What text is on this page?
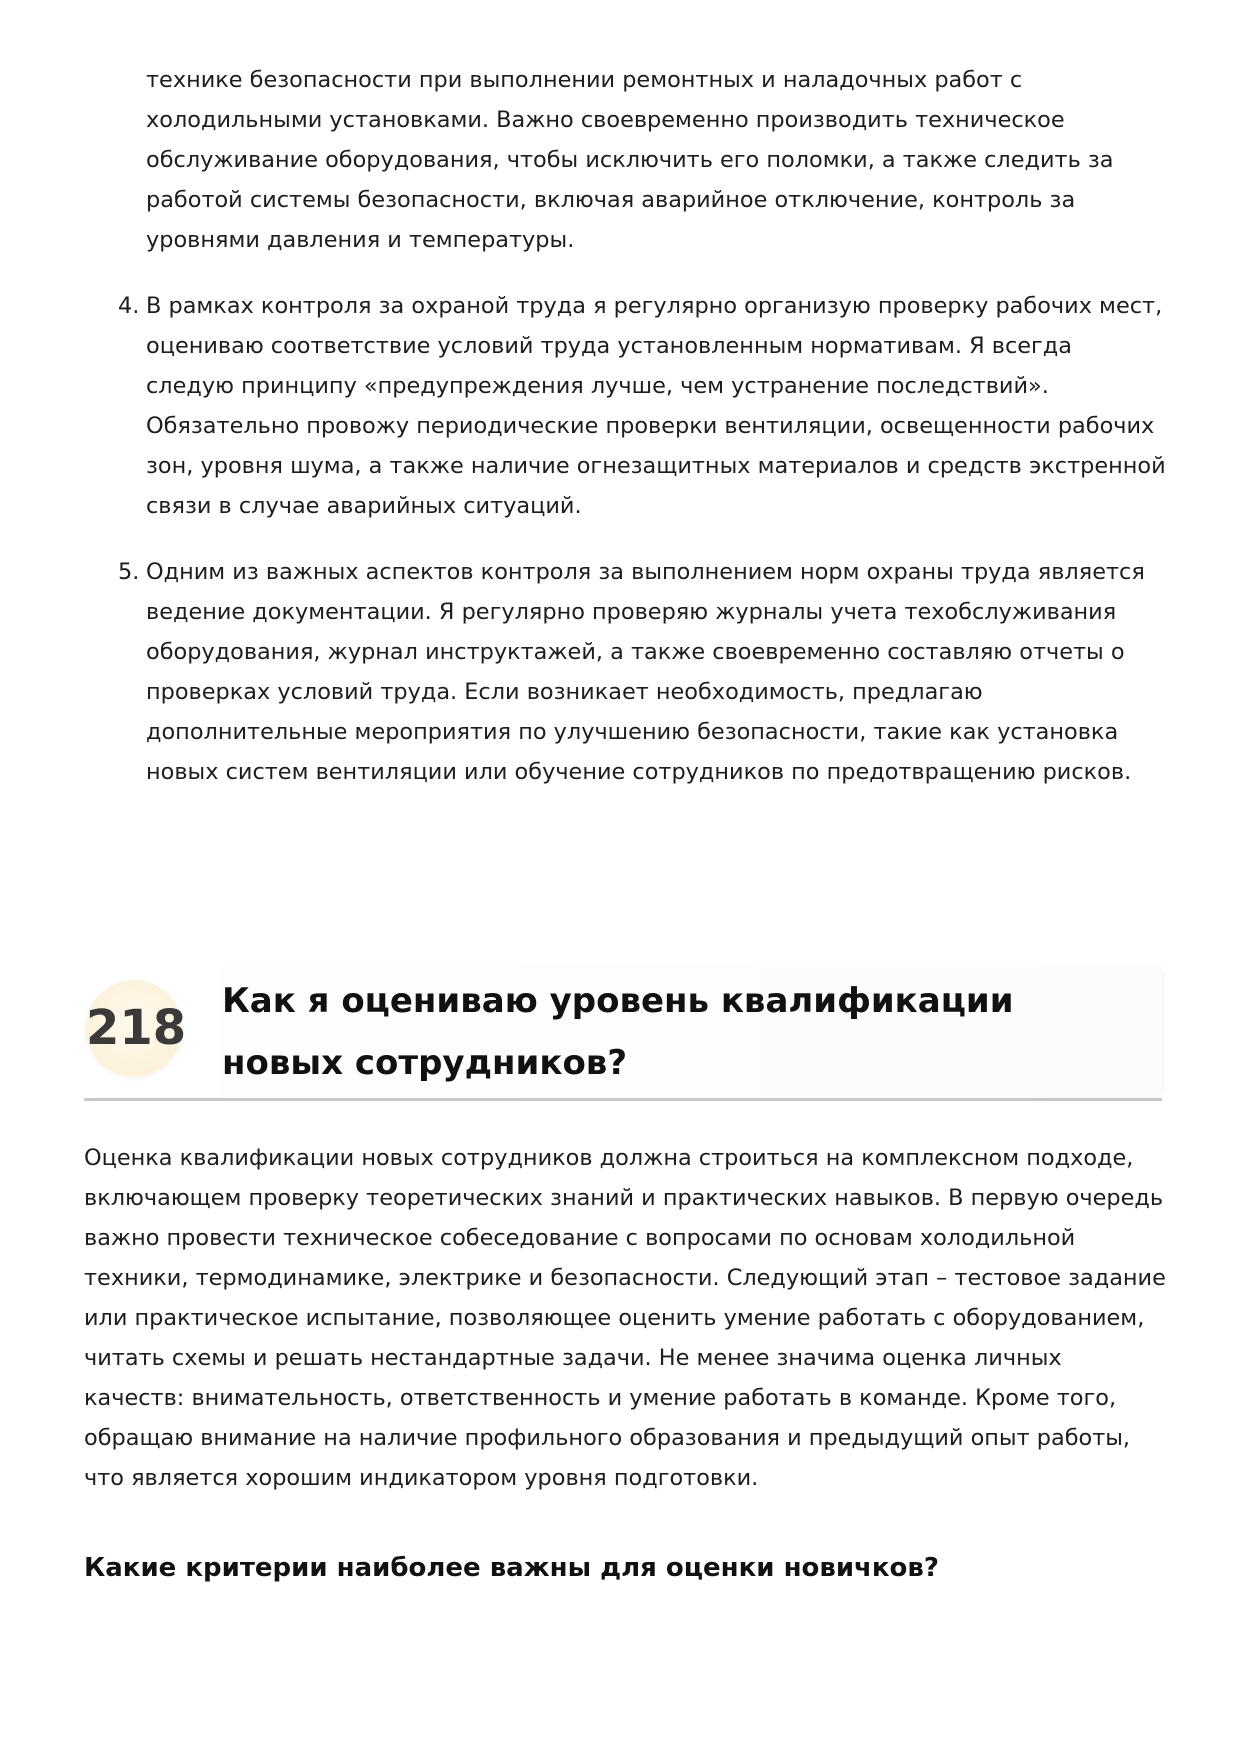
технике безопасности при выполнении ремонтных и наладочных работ с холодильными установками. Важно своевременно производить техническое обслуживание оборудования, чтобы исключить его поломки, а также следить за работой системы безопасности, включая аварийное отключение, контроль за уровнями давления и температуры.
4. В рамках контроля за охраной труда я регулярно организую проверку рабочих мест, оцениваю соответствие условий труда установленным нормативам. Я всегда следую принципу «предупреждения лучше, чем устранение последствий». Обязательно провожу периодические проверки вентиляции, освещенности рабочих зон, уровня шума, а также наличие огнезащитных материалов и средств экстренной связи в случае аварийных ситуаций.
5. Одним из важных аспектов контроля за выполнением норм охраны труда является ведение документации. Я регулярно проверяю журналы учета техобслуживания оборудования, журнал инструктажей, а также своевременно составляю отчеты о проверках условий труда. Если возникает необходимость, предлагаю дополнительные мероприятия по улучшению безопасности, такие как установка новых систем вентиляции или обучение сотрудников по предотвращению рисков.
218 Как я оцениваю уровень квалификации новых сотрудников?
Оценка квалификации новых сотрудников должна строиться на комплексном подходе, включающем проверку теоретических знаний и практических навыков. В первую очередь важно провести техническое собеседование с вопросами по основам холодильной техники, термодинамике, электрике и безопасности. Следующий этап – тестовое задание или практическое испытание, позволяющее оценить умение работать с оборудованием, читать схемы и решать нестандартные задачи. Не менее значима оценка личных качеств: внимательность, ответственность и умение работать в команде. Кроме того, обращаю внимание на наличие профильного образования и предыдущий опыт работы, что является хорошим индикатором уровня подготовки.
Какие критерии наиболее важны для оценки новичков?
